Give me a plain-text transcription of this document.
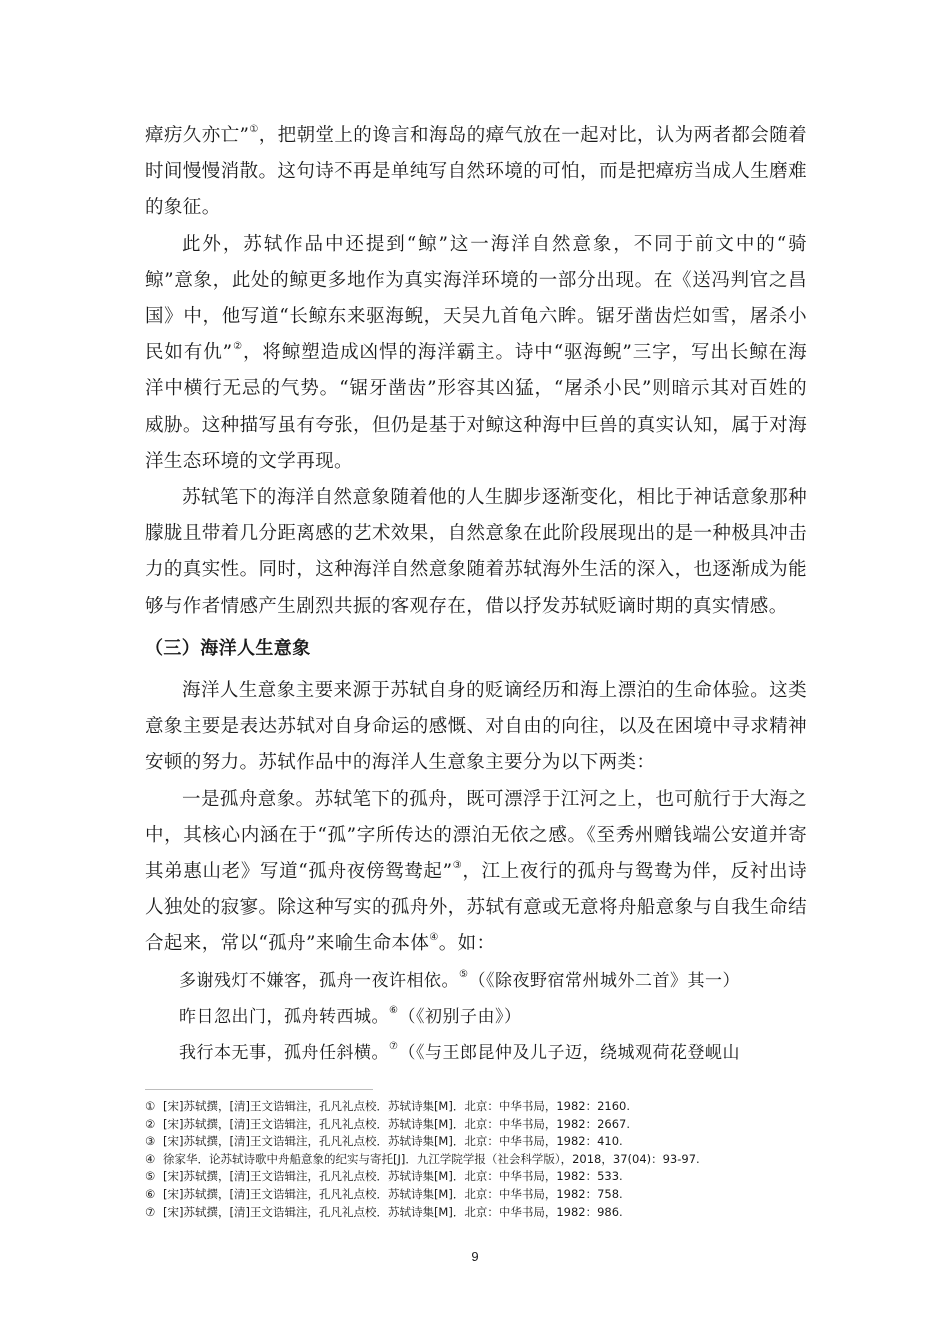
瘴疠久亦亡”①，把朝堂上的谗言和海岛的瘴气放在一起对比，认为两者都会随着时间慢慢消散。这句诗不再是单纯写自然环境的可怕，而是把瘴疠当成人生磨难的象征。

此外，苏轼作品中还提到“鲸”这一海洋自然意象，不同于前文中的“骑鲸”意象，此处的鲸更多地作为真实海洋环境的一部分出现。在《送冯判官之昌国》中，他写道“长鲸东来驱海鲵，天吴九首龟六眸。锯牙凿齿烂如雪，屠杀小民如有仇”②，将鲸塑造成凶悍的海洋霸主。诗中“驱海鲵”三字，写出长鲸在海洋中横行无忌的气势。“锯牙凿齿”形容其凶猛，“屠杀小民”则暗示其对百姓的威胁。这种描写虽有夸张，但仍是基于对鲸这种海中巨兽的真实认知，属于对海洋生态环境的文学再现。

苏轼笔下的海洋自然意象随着他的人生脚步逐渐变化，相比于神话意象那种朦胧且带着几分距离感的艺术效果，自然意象在此阶段展现出的是一种极具冲击力的真实性。同时，这种海洋自然意象随着苏轼海外生活的深入，也逐渐成为能够与作者情感产生剧烈共振的客观存在，借以抒发苏轼贬谪时期的真实情感。

（三）海洋人生意象

海洋人生意象主要来源于苏轼自身的贬谪经历和海上漂泊的生命体验。这类意象主要是表达苏轼对自身命运的感慨、对自由的向往，以及在困境中寻求精神安顿的努力。苏轼作品中的海洋人生意象主要分为以下两类：

一是孤舟意象。苏轼笔下的孤舟，既可漂浮于江河之上，也可航行于大海之中，其核心内涵在于“孤”字所传达的漂泊无依之感。《至秀州赠钱端公安道并寄其弟惠山老》写道“孤舟夜傍鸳鸯起”③，江上夜行的孤舟与鸳鸯为伴，反衬出诗人独处的寂寥。除这种写实的孤舟外，苏轼有意或无意将舟船意象与自我生命结合起来，常以“孤舟”来喻生命本体④。如：

多谢残灯不嫌客，孤舟一夜许相依。⑤（《除夜野宿常州城外二首》其一）

昨日忽出门，孤舟转西城。⑥（《初别子由》）

我行本无事，孤舟任斜横。⑦（《与王郎昆仲及儿子迈，绕城观荷花登岘山

① [宋]苏轼撰，[清]王文诰辑注，孔凡礼点校．苏轼诗集[M]．北京：中华书局，1982：2160.
② [宋]苏轼撰，[清]王文诰辑注，孔凡礼点校．苏轼诗集[M]．北京：中华书局，1982：2667.
③ [宋]苏轼撰，[清]王文诰辑注，孔凡礼点校．苏轼诗集[M]．北京：中华书局，1982：410.
④ 徐家华．论苏轼诗歌中舟船意象的纪实与寄托[J]．九江学院学报（社会科学版），2018，37(04)：93-97.
⑤ [宋]苏轼撰，[清]王文诰辑注，孔凡礼点校．苏轼诗集[M]．北京：中华书局，1982：533.
⑥ [宋]苏轼撰，[清]王文诰辑注，孔凡礼点校．苏轼诗集[M]．北京：中华书局，1982：758.
⑦ [宋]苏轼撰，[清]王文诰辑注，孔凡礼点校．苏轼诗集[M]．北京：中华书局，1982：986.
9
